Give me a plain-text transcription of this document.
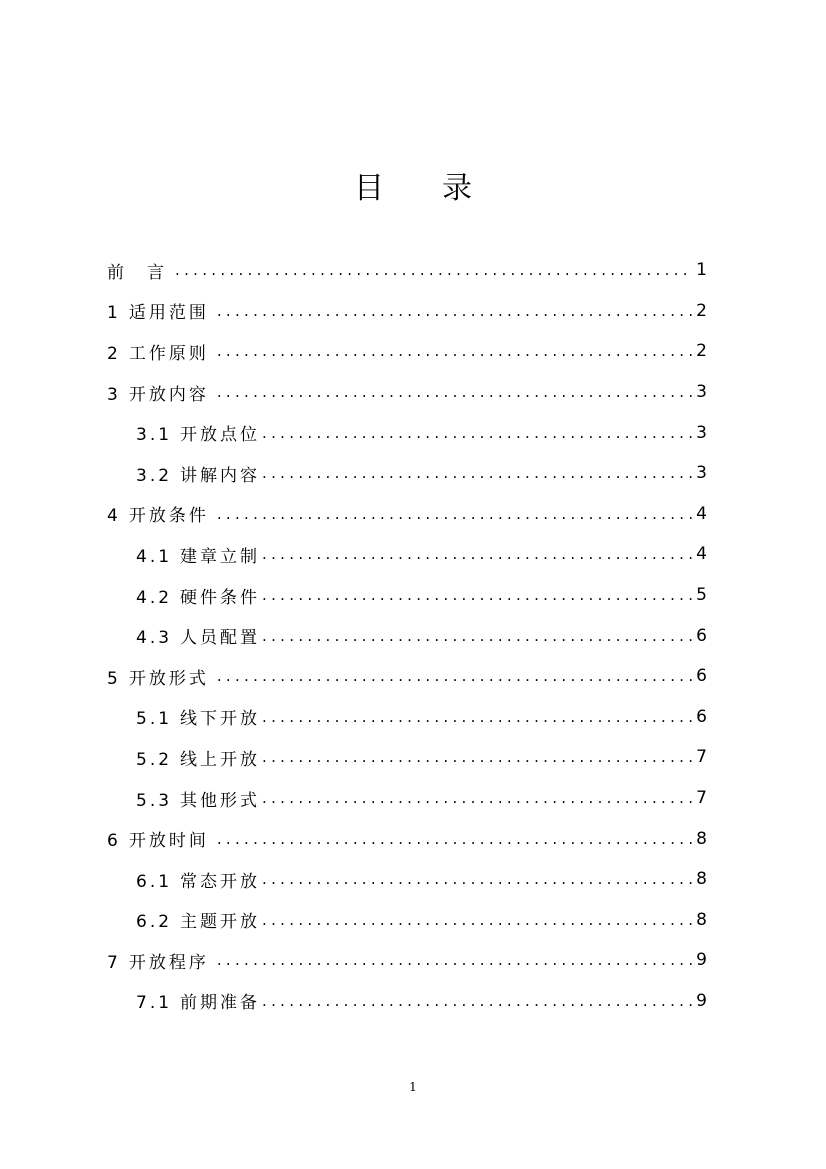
目录
前　言 .....	1
1 适用范围 .....	2
2 工作原则 .....	2
3 开放内容 .....	3
3.1 开放点位 .....	3
3.2 讲解内容 .....	3
4 开放条件 .....	4
4.1 建章立制 .....	4
4.2 硬件条件 .....	5
4.3 人员配置 .....	6
5 开放形式 .....	6
5.1 线下开放 .....	6
5.2 线上开放 .....	7
5.3 其他形式 .....	7
6 开放时间 .....	8
6.1 常态开放 .....	8
6.2 主题开放 .....	8
7 开放程序 .....	9
7.1 前期准备 .....	9
1
